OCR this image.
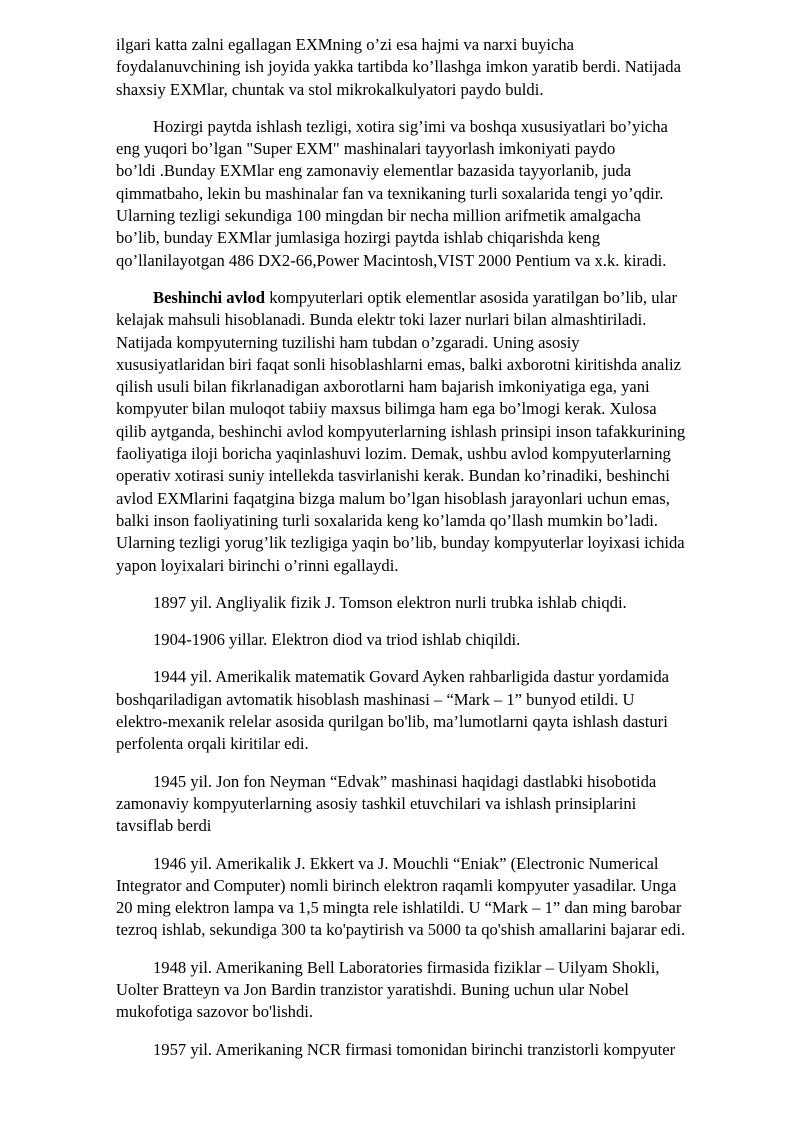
ilgari katta zalni egallagan EXMning o’zi esa hajmi va narxi buyicha
foydalanuvchining ish joyida yakka tartibda ko’llashga imkon yaratib berdi. Natijada
shaxsiy EXMlar, chuntak va stol mikrokalkulyatori paydo buldi.
Hozirgi paytda ishlash tezligi, xotira sig’imi va boshqa xususiyatlari bo’yicha
eng yuqori bo’lgan "Super EXM" mashinalari tayyorlash imkoniyati paydo
bo’ldi .Bunday EXMlar eng zamonaviy elementlar bazasida tayyorlanib, juda
qimmatbaho, lekin bu mashinalar fan va texnikaning turli soxalarida tengi yo’qdir.
Ularning tezligi sekundiga 100 mingdan bir necha million arifmetik amalgacha
bo’lib, bunday EXMlar jumlasiga hozirgi paytda ishlab chiqarishda keng
qo’llanilayotgan 486 DX2-66,Power Macintosh,VIST 2000 Pentium va x.k. kiradi.
Beshinchi avlod kompyuterlari optik elementlar asosida yaratilgan bo’lib, ular
kelajak mahsuli hisoblanadi. Bunda elektr toki lazer nurlari bilan almashtiriladi.
Natijada kompyuterning tuzilishi ham tubdan o’zgaradi. Uning asosiy
xususiyatlaridan biri faqat sonli hisoblashlarni emas, balki axborotni kiritishda analiz
qilish usuli bilan fikrlanadigan axborotlarni ham bajarish imkoniyatiga ega, yani
kompyuter bilan muloqot tabiiy maxsus bilimga ham ega bo’lmogi kerak. Xulosa
qilib aytganda, beshinchi avlod kompyuterlarning ishlash prinsipi inson tafakkurining
faoliyatiga iloji boricha yaqinlashuvi lozim. Demak, ushbu avlod kompyuterlarning
operativ xotirasi suniy intellekda tasvirlanishi kerak. Bundan ko’rinadiki, beshinchi
avlod EXMlarini faqatgina bizga malum bo’lgan hisoblash jarayonlari uchun emas,
balki inson faoliyatining turli soxalarida keng ko’lamda qo’llash mumkin bo’ladi.
Ularning tezligi yorug’lik tezligiga yaqin bo’lib, bunday kompyuterlar loyixasi ichida
yapon loyixalari birinchi o’rinni egallaydi.
1897 yil. Angliyalik fizik J. Tomson elektron nurli trubka ishlab chiqdi.
1904-1906 yillar. Elektron diod va triod ishlab chiqildi.
1944 yil. Amerikalik matematik Govard Ayken rahbarligida dastur yordamida
boshqariladigan avtomatik hisoblash mashinasi – “Mark – 1” bunyod etildi. U
elektro-mexanik relelar asosida qurilgan bo'lib, ma’lumotlarni qayta ishlash dasturi
perfolenta orqali kiritilar edi.
1945 yil. Jon fon Neyman “Edvak” mashinasi haqidagi dastlabki hisobotida
zamonaviy kompyuterlarning asosiy tashkil etuvchilari va ishlash prinsiplarini
tavsiflab berdi
1946 yil. Amerikalik J. Ekkert va J. Mouchli “Eniak” (Electronic Numerical
Integrator and Computer) nomli birinch elektron raqamli kompyuter yasadilar. Unga
20 ming elektron lampa va 1,5 mingta rele ishlatildi. U “Mark – 1” dan ming barobar
tezroq ishlab, sekundiga 300 ta ko'paytirish va 5000 ta qo'shish amallarini bajarar edi.
1948 yil. Amerikaning Bell Laboratories firmasida fiziklar – Uilyam Shokli,
Uolter Bratteyn va Jon Bardin tranzistor yaratishdi. Buning uchun ular Nobel
mukofotiga sazovor bo'lishdi.
1957 yil. Amerikaning NCR firmasi tomonidan birinchi tranzistorli kompyuter
